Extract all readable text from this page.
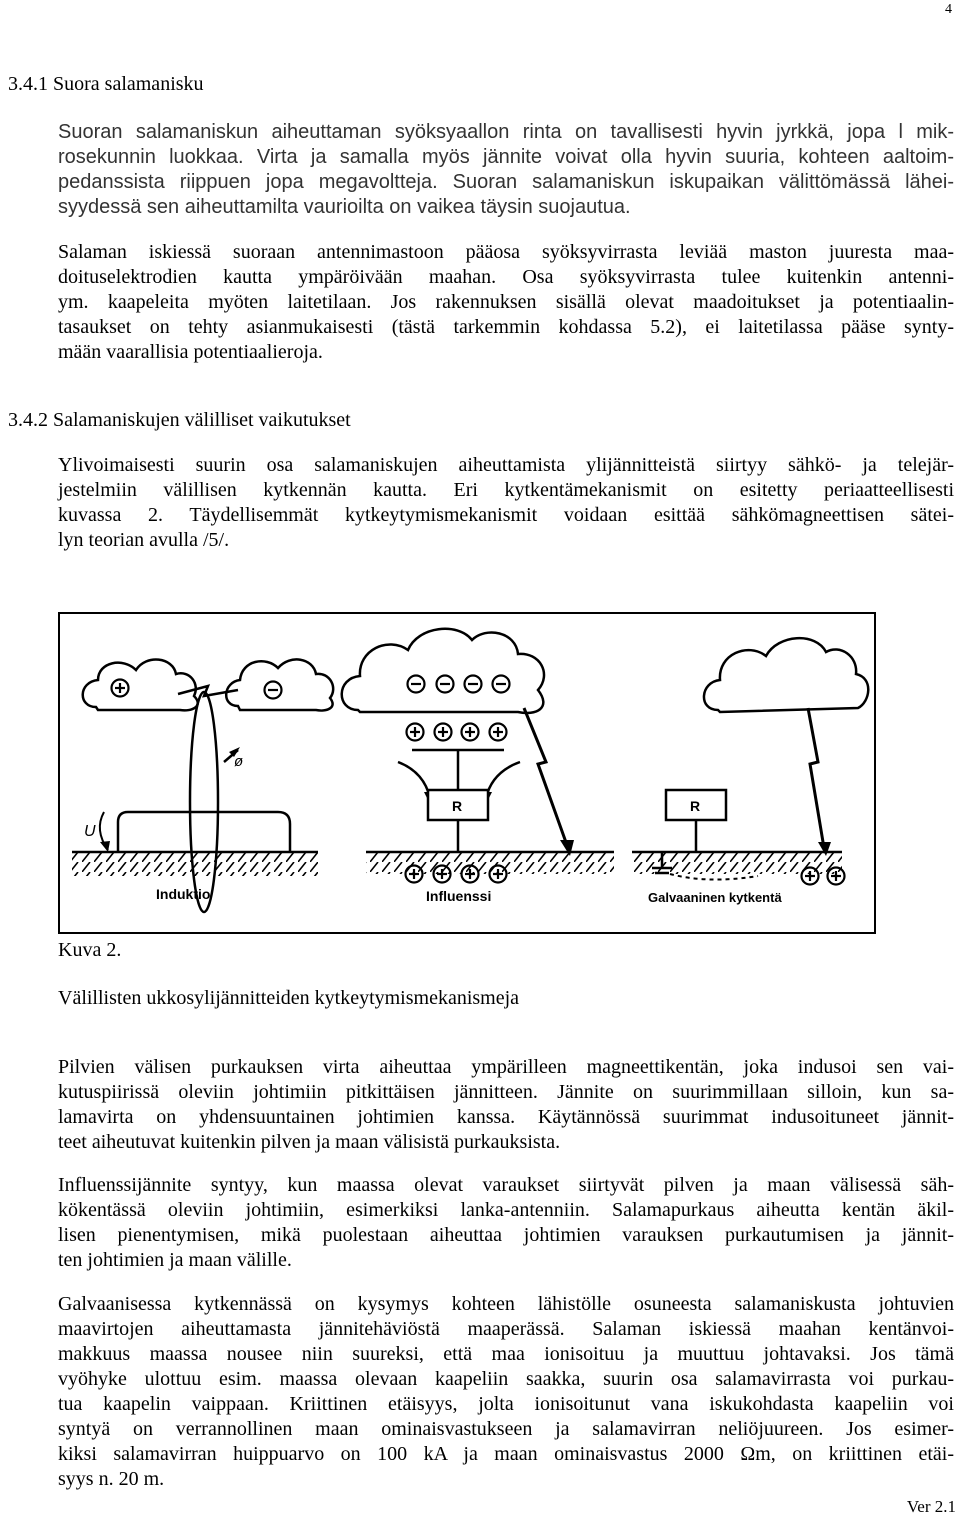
4
3.4.1 Suora salamanisku
Suoran salamaniskun aiheuttaman syöksyaallon rinta on tavallisesti hyvin jyrkkä, jopa l mik-
rosekunnin luokkaa. Virta ja samalla myös jännite voivat olla hyvin suuria, kohteen aaltoim-
pedanssista riippuen jopa megavoltteja. Suoran salamaniskun iskupaikan välittömässä lähei-
syydessä sen aiheuttamilta vaurioilta on vaikea täysin suojautua.
Salaman iskiessä suoraan antennimastoon pääosa syöksyvirrasta leviää maston juuresta maa-
doituselektrodien kautta ympäröivään maahan. Osa syöksyvirrasta tulee kuitenkin antenni-
ym. kaapeleita myöten laitetilaan. Jos rakennuksen sisällä olevat maadoitukset ja potentiaalin-
tasaukset on tehty asianmukaisesti (tästä tarkemmin kohdassa 5.2), ei laitetilassa pääse synty-
mään vaarallisia potentiaalieroja.
3.4.2 Salamaniskujen välilliset vaikutukset
Ylivoimaisesti suurin osa salamaniskujen aiheuttamista ylijännitteistä siirtyy sähkö- ja telejär-
jestelmiin välillisen kytkennän kautta. Eri kytkentämekanismit on esitetty periaatteellisesti
kuvassa 2. Täydellisemmät kytkeytymismekanismit voidaan esittää sähkömagneettisen sätei-
lyn teorian avulla /5/.
ø
U
Induktio
R
Influenssi
R
Galvaaninen kytkentä
Kuva 2.
Välillisten ukkosylijännitteiden kytkeytymismekanismeja
Pilvien välisen purkauksen virta aiheuttaa ympärilleen magneettikentän, joka indusoi sen vai-
kutuspiirissä oleviin johtimiin pitkittäisen jännitteen. Jännite on suurimmillaan silloin, kun sa-
lamavirta on yhdensuuntainen johtimien kanssa. Käytännössä suurimmat indusoituneet jännit-
teet aiheutuvat kuitenkin pilven ja maan välisistä purkauksista.
Influenssijännite syntyy, kun maassa olevat varaukset siirtyvät pilven ja maan välisessä säh-
kökentässä oleviin johtimiin, esimerkiksi lanka-antenniin. Salamapurkaus aiheutta kentän äkil-
lisen pienentymisen, mikä puolestaan aiheuttaa johtimien varauksen purkautumisen ja jännit-
ten johtimien ja maan välille.
Galvaanisessa kytkennässä on kysymys kohteen lähistölle osuneesta salamaniskusta johtuvien
maavirtojen aiheuttamasta jännitehäviöstä maaperässä. Salaman iskiessä maahan kentänvoi-
makkuus maassa nousee niin suureksi, että maa ionisoituu ja muuttuu johtavaksi. Jos tämä
vyöhyke ulottuu esim. maassa olevaan kaapeliin saakka, suurin osa salamavirrasta voi purkau-
tua kaapelin vaippaan. Kriittinen etäisyys, jolta ionisoitunut vana iskukohdasta kaapeliin voi
syntyä on verrannollinen maan ominaisvastukseen ja salamavirran neliöjuureen. Jos esimer-
kiksi salamavirran huippuarvo on 100 kA ja maan ominaisvastus 2000 Ωm, on kriittinen etäi-
syys n. 20 m.
Ver 2.1
